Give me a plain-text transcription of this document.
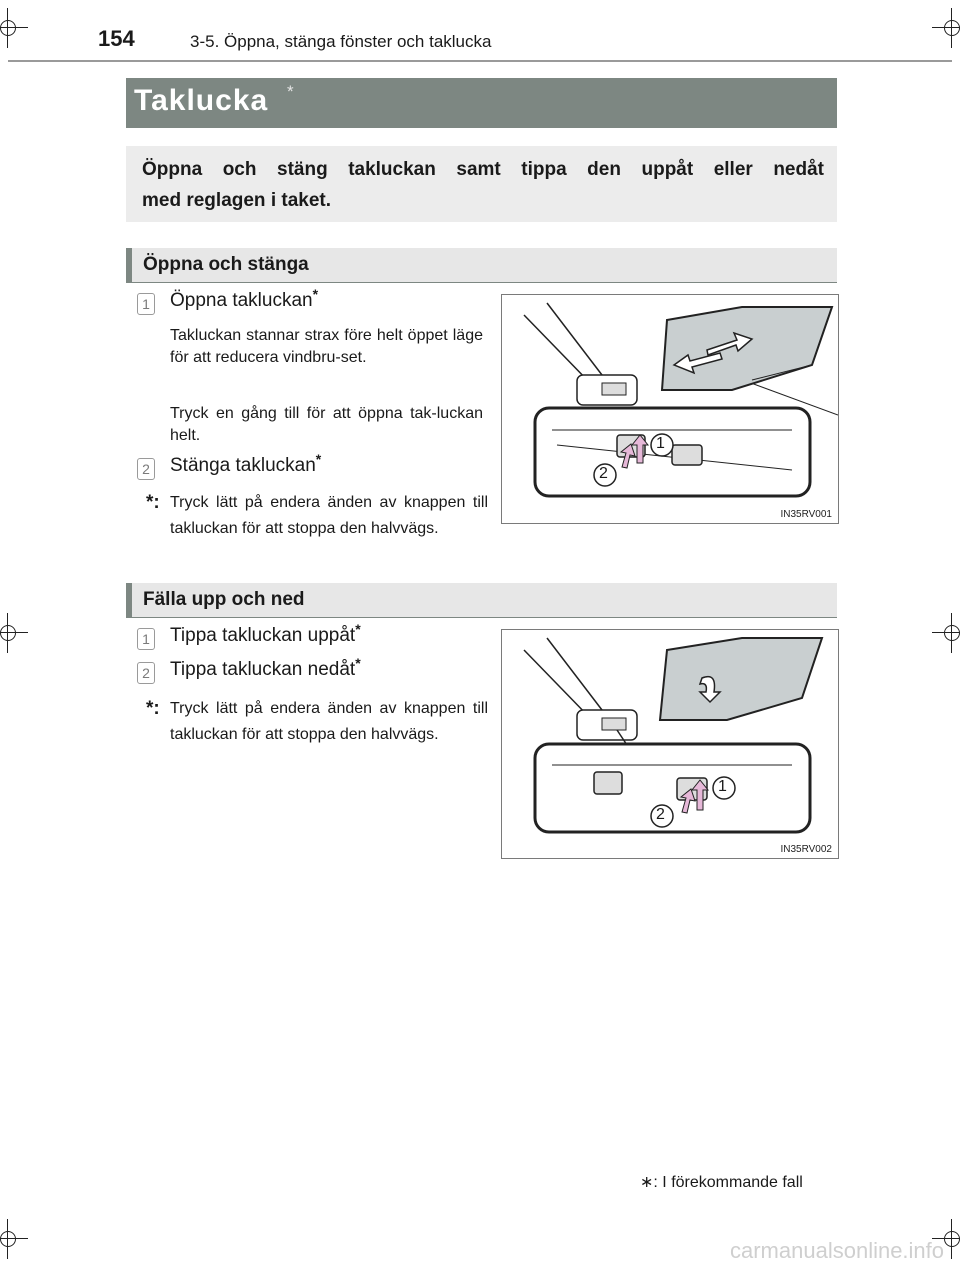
154	3-5. Öppna, stänga fönster och taklucka
Taklucka *
Öppna och stäng takluckan samt tippa den uppåt eller nedåt
med reglagen i taket.
Öppna och stänga
1 Öppna takluckan*
Takluckan stannar strax före helt öppet läge för att reducera vindbru-set.
Tryck en gång till för att öppna tak-luckan helt.
2 Stänga takluckan*
*: Tryck lätt på endera änden av knappen till takluckan för att stoppa den halvvägs.
1
2
IN35RV001
Fälla upp och ned
1 Tippa takluckan uppåt*
2 Tippa takluckan nedåt*
*: Tryck lätt på endera änden av knappen till takluckan för att stoppa den halvvägs.
1
2
IN35RV002
∗: I förekommande fall
carmanualsonline.info
